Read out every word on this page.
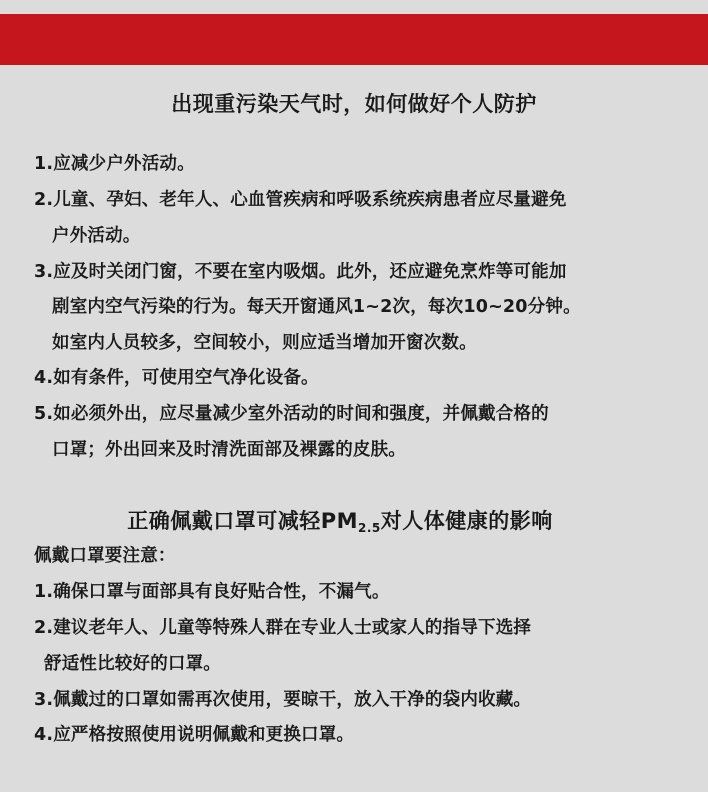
出现重污染天气时，如何做好个人防护
1.应减少户外活动。
2.儿童、孕妇、老年人、心血管疾病和呼吸系统疾病患者应尽量避免
户外活动。
3.应及时关闭门窗，不要在室内吸烟。此外，还应避免烹炸等可能加
剧室内空气污染的行为。每天开窗通风1~2次，每次10~20分钟。
如室内人员较多，空间较小，则应适当增加开窗次数。
4.如有条件，可使用空气净化设备。
5.如必须外出，应尽量减少室外活动的时间和强度，并佩戴合格的
口罩；外出回来及时清洗面部及裸露的皮肤。
正确佩戴口罩可减轻$PM_{2.5}$对人体健康的影响
佩戴口罩要注意：
1.确保口罩与面部具有良好贴合性，不漏气。
2.建议老年人、儿童等特殊人群在专业人士或家人的指导下选择
舒适性比较好的口罩。
3.佩戴过的口罩如需再次使用，要晾干，放入干净的袋内收藏。
4.应严格按照使用说明佩戴和更换口罩。
